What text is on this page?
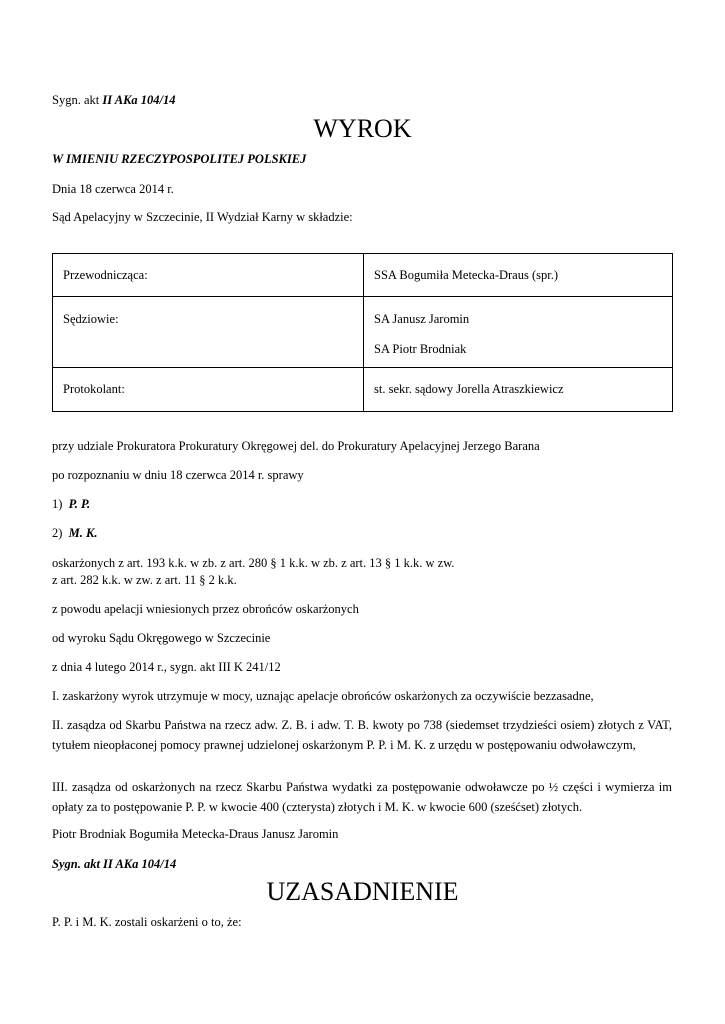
Sygn. akt II AKa 104/14
WYROK
W IMIENIU RZECZYPOSPOLITEJ POLSKIEJ
Dnia 18 czerwca 2014 r.
Sąd Apelacyjny w Szczecinie, II Wydział Karny w składzie:
Przewodnicząca:	SSA Bogumiła Metecka-Draus (spr.)

Sędziowie:	SA Janusz Jaromin
SA Piotr Brodniak

Protokolant:	st. sekr. sądowy Jorella Atraszkiewicz
przy udziale Prokuratora Prokuratury Okręgowej del. do Prokuratury Apelacyjnej Jerzego Barana
po rozpoznaniu w dniu 18 czerwca 2014 r. sprawy
1) P. P.
2) M. K.
oskarżonych z art. 193 k.k. w zb. z art. 280 § 1 k.k. w zb. z art. 13 § 1 k.k. w zw.
z art. 282 k.k. w zw. z art. 11 § 2 k.k.
z powodu apelacji wniesionych przez obrońców oskarżonych
od wyroku Sądu Okręgowego w Szczecinie
z dnia 4 lutego 2014 r., sygn. akt III K 241/12
I. zaskarżony wyrok utrzymuje w mocy, uznając apelacje obrońców oskarżonych za oczywiście bezzasadne,
II. zasądza od Skarbu Państwa na rzecz adw. Z. B. i adw. T. B. kwoty po 738 (siedemset trzydzieści osiem) złotych z VAT, tytułem nieopłaconej pomocy prawnej udzielonej oskarżonym P. P. i M. K. z urzędu w postępowaniu odwoławczym,
III. zasądza od oskarżonych na rzecz Skarbu Państwa wydatki za postępowanie odwoławcze po ½ części i wymierza im opłaty za to postępowanie P. P. w kwocie 400 (czterysta) złotych i M. K. w kwocie 600 (sześćset) złotych.
Piotr Brodniak Bogumiła Metecka-Draus Janusz Jaromin
Sygn. akt II AKa 104/14
UZASADNIENIE
P. P. i M. K. zostali oskarżeni o to, że:
